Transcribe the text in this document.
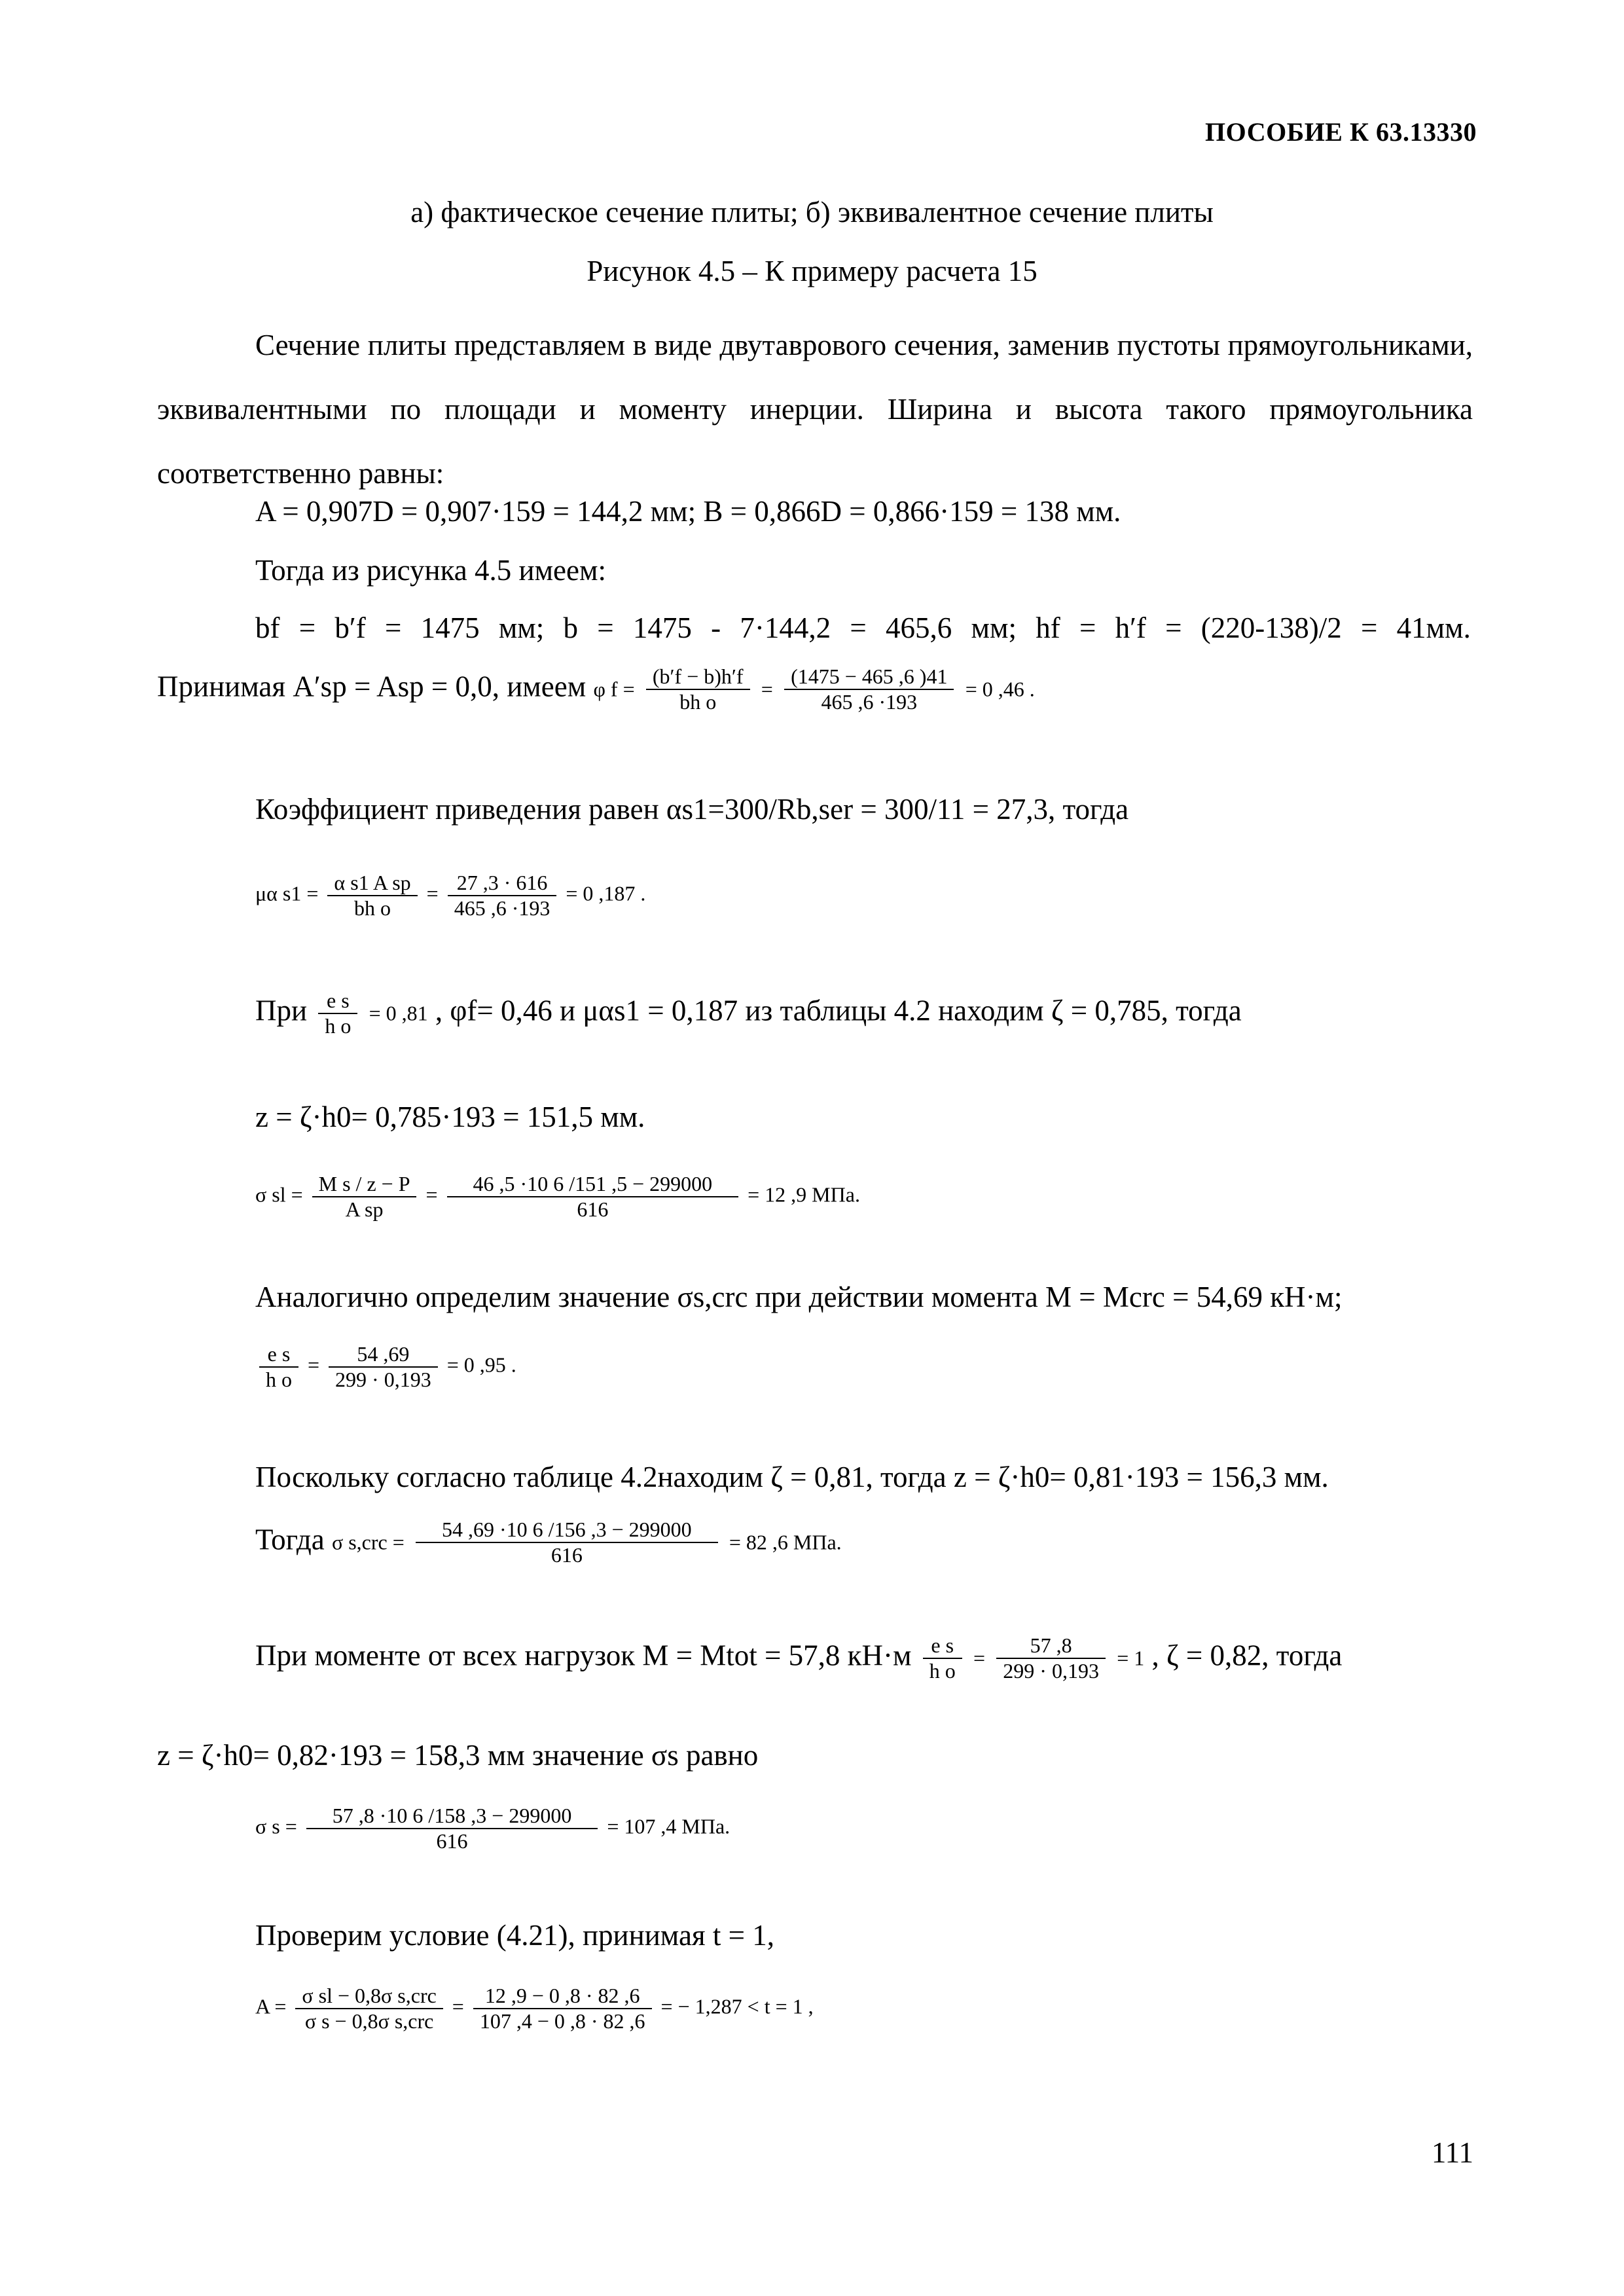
ПОСОБИЕ К 63.13330
а) фактическое сечение плиты; б) эквивалентное сечение плиты
Рисунок 4.5 – К примеру расчета 15
Сечение плиты представляем в виде двутаврового сечения, заменив пустоты прямоугольниками, эквивалентными по площади и моменту инерции. Ширина и высота такого прямоугольника соответственно равны:
A = 0,907D = 0,907·159 = 144,2 мм; B = 0,866D = 0,866·159 = 138 мм.
Тогда из рисунка 4.5 имеем:
bf = b′f = 1475 мм; b = 1475 - 7·144,2 = 465,6 мм; hf = h′f = (220-138)/2 = 41мм.
Принимая A′sp = Asp = 0,0, имеем φ $f = \frac{(b'f - b)h'f}{\text{bh o}} = \frac{(1475 - 465 ,6 )41}{465 ,6 \cdot 193} = 0$ ,46 .
Коэффициент приведения равен αs1=300/Rb,ser = 300/11 = 27,3, тогда
μα $s1 = \frac{\text{α s1 A sp}}{\text{bh o}} = \frac{27 ,3 \cdot 616}{465 ,6 \cdot 193} = 0$ ,187 .
При $\frac{\text{e s}}{\text{h o}} = 0$ ,81 , φf= 0,46 и μαs1 = 0,187 из таблицы 4.2 находим ζ = 0,785, тогда
z = ζ·h0= 0,785·193 = 151,5 мм.
σ sl = $\frac{\text{M s / z − P}}{\text{A sp}} = \frac{46 ,5 \cdot 10 6 /151 ,5 - 299000}{616} = 12$ ,9 МПа.
Аналогично определим значение σs,crc при действии момента M = Mcrc = 54,69 кН·м;
$\frac{\text{e s}}{\text{h o}} = \frac{54 ,69}{299 \cdot 0,193} = 0$ ,95 .
Поскольку согласно таблице 4.2находим ζ = 0,81, тогда z = ζ·h0= 0,81·193 = 156,3 мм.
Тогда σ $s,crc = \frac{54 ,69 \cdot 10 6 /156 ,3 - 299000}{616} = 82$ ,6 МПа.
При моменте от всех нагрузок M = Mtot = 57,8 $кН\cdot м \frac{\text{e s}}{\text{h o}} = \frac{57 ,8}{299 \cdot 0,193} = 1$ , ζ = 0,82, тогда
z = ζ·h0= 0,82·193 = 158,3 мм значение σs равно
σ $s = \frac{57 ,8 \cdot 10 6 /158 ,3 - 299000}{616} = 107$ ,4 МПа.
Проверим условие (4.21), принимая t = 1,
$A = \frac{\text{σ sl − 0,8σ s,crc}}{\text{σ s − 0,8σ s,crc}} = \frac{12 ,9 - 0 ,8 \cdot 82 ,6}{107 ,4 - 0 ,8 \cdot 82 ,6}$ = − 1,287 < t = 1 ,
111
